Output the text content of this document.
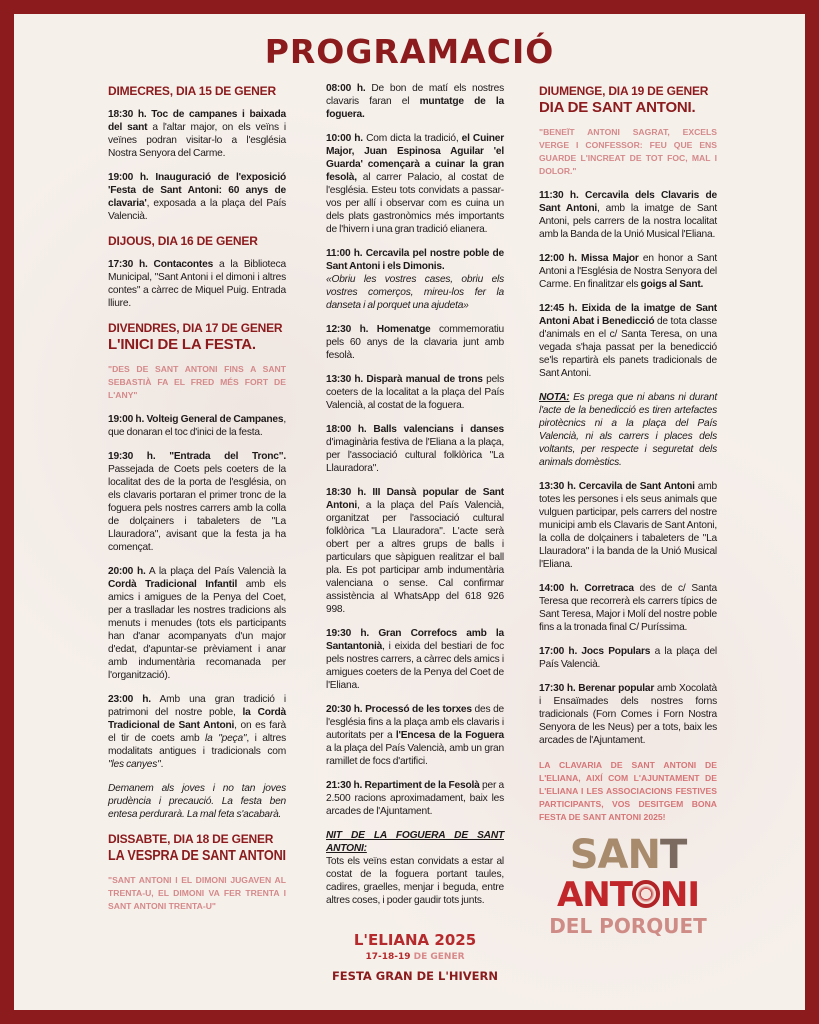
PROGRAMACIÓ
DIMECRES, DIA 15 DE GENER
18:30 h. Toc de campanes i baixada del sant a l'altar major, on els veïns i veïnes podran visitar-lo a l'església Nostra Senyora del Carme.
19:00 h. Inauguració de l'exposició 'Festa de Sant Antoni: 60 anys de clavaria', exposada a la plaça del País Valencià.
DIJOUS, DIA 16 DE GENER
17:30 h. Contacontes a la Biblioteca Municipal, "Sant Antoni i el dimoni i altres contes" a càrrec de Miquel Puig. Entrada lliure.
DIVENDRES, DIA 17 DE GENER
L'INICI DE LA FESTA.
"DES DE SANT ANTONI FINS A SANT SEBASTIÀ FA EL FRED MÉS FORT DE L'ANY"
19:00 h. Volteig General de Campanes, que donaran el toc d'inici de la festa.
19:30 h. "Entrada del Tronc". Passejada de Coets pels coeters de la localitat des de la porta de l'església, on els clavaris portaran el primer tronc de la foguera pels nostres carrers amb la colla de dolçainers i tabaleters de "La Llauradora", avisant que la festa ja ha començat.
20:00 h. A la plaça del País Valencià la Cordà Tradicional Infantil amb els amics i amigues de la Penya del Coet, per a traslladar les nostres tradicions als menuts i menudes (tots els participants han d'anar acompanyats d'un major d'edat, d'apuntar-se prèviament i anar amb indumentària recomanada per l'organització).
23:00 h. Amb una gran tradició i patrimoni del nostre poble, la Cordà Tradicional de Sant Antoni, on es farà el tir de coets amb la "peça", i altres modalitats antigues i tradicionals com "les canyes".
Demanem als joves i no tan joves prudència i precaució. La festa ben entesa perdurarà. La mal feta s'acabarà.
DISSABTE, DIA 18 DE GENER
LA VESPRA DE SANT ANTONI
"SANT ANTONI I EL DIMONI JUGAVEN AL TRENTA-U, EL DIMONI VA FER TRENTA I SANT ANTONI TRENTA-U"
08:00 h. De bon de matí els nostres clavaris faran el muntatge de la foguera.
10:00 h. Com dicta la tradició, el Cuiner Major, Juan Espinosa Aguilar 'el Guarda' començarà a cuinar la gran fesolà, al carrer Palacio, al costat de l'església. Esteu tots convidats a passar-vos per allí i observar com es cuina un dels plats gastronòmics més importants de l'hivern i una gran tradició elianera.
11:00 h. Cercavila pel nostre poble de Sant Antoni i els Dimonis.
«Obriu les vostres cases, obriu els vostres comerços, mireu-los fer la danseta i al porquet una ajudeta»
12:30 h. Homenatge commemoratiu pels 60 anys de la clavaria junt amb fesolà.
13:30 h. Disparà manual de trons pels coeters de la localitat a la plaça del País Valencià, al costat de la foguera.
18:00 h. Balls valencians i danses d'imaginària festiva de l'Eliana a la plaça, per l'associació cultural folklòrica "La Llauradora".
18:30 h. III Dansà popular de Sant Antoni, a la plaça del País Valencià, organitzat per l'associació cultural folklòrica "La Llauradora". L'acte serà obert per a altres grups de balls i particulars que sàpiguen realitzar el ball pla. Es pot participar amb indumentària valenciana o sense. Cal confirmar assistència al WhatsApp del 618 926 998.
19:30 h. Gran Correfocs amb la Santantonià, i eixida del bestiari de foc pels nostres carrers, a càrrec dels amics i amigues coeters de la Penya del Coet de l'Eliana.
20:30 h. Processó de les torxes des de l'església fins a la plaça amb els clavaris i autoritats per a l'Encesa de la Foguera a la plaça del País Valencià, amb un gran ramillet de focs d'artifici.
21:30 h. Repartiment de la Fesolà per a 2.500 racions aproximadament, baix les arcades de l'Ajuntament.
NIT DE LA FOGUERA DE SANT ANTONI:
Tots els veïns estan convidats a estar al costat de la foguera portant taules, cadires, graelles, menjar i beguda, entre altres coses, i poder gaudir tots junts.
L'ELIANA 2025
17-18-19 DE GENER
FESTA GRAN DE L'HIVERN
DIUMENGE, DIA 19 DE GENER
DIA DE SANT ANTONI.
"BENEÏT ANTONI SAGRAT, EXCELS VERGE I CONFESSOR: FEU QUE ENS GUARDE L'INCREAT DE TOT FOC, MAL I DOLOR."
11:30 h. Cercavila dels Clavaris de Sant Antoni, amb la imatge de Sant Antoni, pels carrers de la nostra localitat amb la Banda de la Unió Musical l'Eliana.
12:00 h. Missa Major en honor a Sant Antoni a l'Església de Nostra Senyora del Carme. En finalitzar els goigs al Sant.
12:45 h. Eixida de la imatge de Sant Antoni Abat i Benedicció de tota classe d'animals en el c/ Santa Teresa, on una vegada s'haja passat per la benedicció se'ls repartirà els panets tradicionals de Sant Antoni.
NOTA: Es prega que ni abans ni durant l'acte de la benedicció es tiren artefactes pirotècnics ni a la plaça del País Valencià, ni als carrers i places dels voltants, per respecte i seguretat dels animals domèstics.
13:30 h. Cercavila de Sant Antoni amb totes les persones i els seus animals que vulguen participar, pels carrers del nostre municipi amb els Clavaris de Sant Antoni, la colla de dolçainers i tabaleters de "La Llauradora" i la banda de la Unió Musical l'Eliana.
14:00 h. Corretraca des de c/ Santa Teresa que recorrerà els carrers típics de Sant Teresa, Major i Molí del nostre poble fins a la tronada final C/ Puríssima.
17:00 h. Jocs Populars a la plaça del País Valencià.
17:30 h. Berenar popular amb Xocolatà i Ensaïmades dels nostres forns tradicionals (Forn Comes i Forn Nostra Senyora de les Neus) per a tots, baix les arcades de l'Ajuntament.
LA CLAVARIA DE SANT ANTONI DE L'ELIANA, AIXÍ COM L'AJUNTAMENT DE L'ELIANA I LES ASSOCIACIONS FESTIVES PARTICIPANTS, VOS DESITGEM BONA FESTA DE SANT ANTONI 2025!
SANT
ANT NI
DEL PORQUET
